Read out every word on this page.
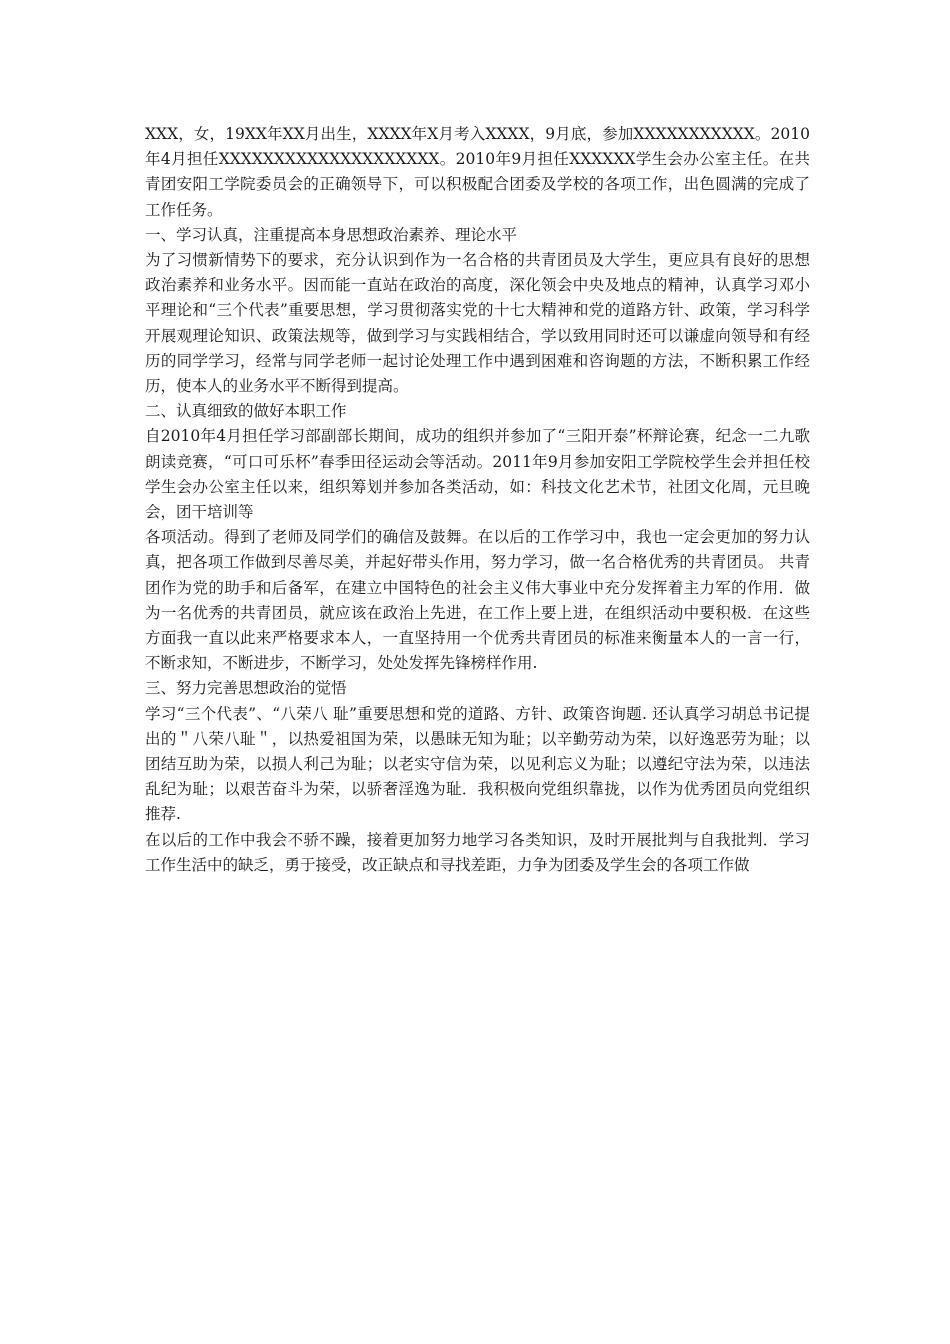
XXX，女，19XX年XX月出生，XXXX年X月考入XXXX，9月底，参加XXXXXXXXXXX。2010年4月担任XXXXXXXXXXXXXXXXXXXX。2010年9月担任XXXXXX学生会办公室主任。在共青团安阳工学院委员会的正确领导下，可以积极配合团委及学校的各项工作，出色圆满的完成了工作任务。

一、学习认真，注重提高本身思想政治素养、理论水平

为了习惯新情势下的要求，充分认识到作为一名合格的共青团员及大学生，更应具有良好的思想政治素养和业务水平。因而能一直站在政治的高度，深化领会中央及地点的精神，认真学习邓小平理论和“三个代表”重要思想，学习贯彻落实党的十七大精神和党的道路方针、政策，学习科学开展观理论知识、政策法规等，做到学习与实践相结合，学以致用同时还可以谦虚向领导和有经历的同学学习，经常与同学老师一起讨论处理工作中遇到困难和咨询题的方法，不断积累工作经历，使本人的业务水平不断得到提高。

二、认真细致的做好本职工作

自2010年4月担任学习部副部长期间，成功的组织并参加了“三阳开泰”杯辩论赛，纪念一二九歌朗读竞赛，“可口可乐杯”春季田径运动会等活动。2011年9月参加安阳工学院校学生会并担任校学生会办公室主任以来，组织筹划并参加各类活动，如：科技文化艺术节，社团文化周，元旦晚会，团干培训等

各项活动。得到了老师及同学们的确信及鼓舞。在以后的工作学习中，我也一定会更加的努力认真，把各项工作做到尽善尽美，并起好带头作用，努力学习，做一名合格优秀的共青团员。 共青团作为党的助手和后备军，在建立中国特色的社会主义伟大事业中充分发挥着主力军的作用．做为一名优秀的共青团员，就应该在政治上先进，在工作上要上进，在组织活动中要积极．在这些方面我一直以此来严格要求本人，一直坚持用一个优秀共青团员的标准来衡量本人的一言一行，不断求知，不断进步，不断学习，处处发挥先锋榜样作用.

三、努力完善思想政治的觉悟

学习“三个代表”、“八荣八 耻”重要思想和党的道路、方针、政策咨询题. 还认真学习胡总书记提出的＂八荣八耻＂，以热爱祖国为荣，以愚昧无知为耻；以辛勤劳动为荣，以好逸恶劳为耻；以团结互助为荣，以损人利己为耻；以老实守信为荣，以见利忘义为耻；以遵纪守法为荣，以违法乱纪为耻；以艰苦奋斗为荣，以骄奢淫逸为耻．我积极向党组织靠拢，以作为优秀团员向党组织推荐.

在以后的工作中我会不骄不躁，接着更加努力地学习各类知识，及时开展批判与自我批判．学习工作生活中的缺乏，勇于接受，改正缺点和寻找差距，力争为团委及学生会的各项工作做
